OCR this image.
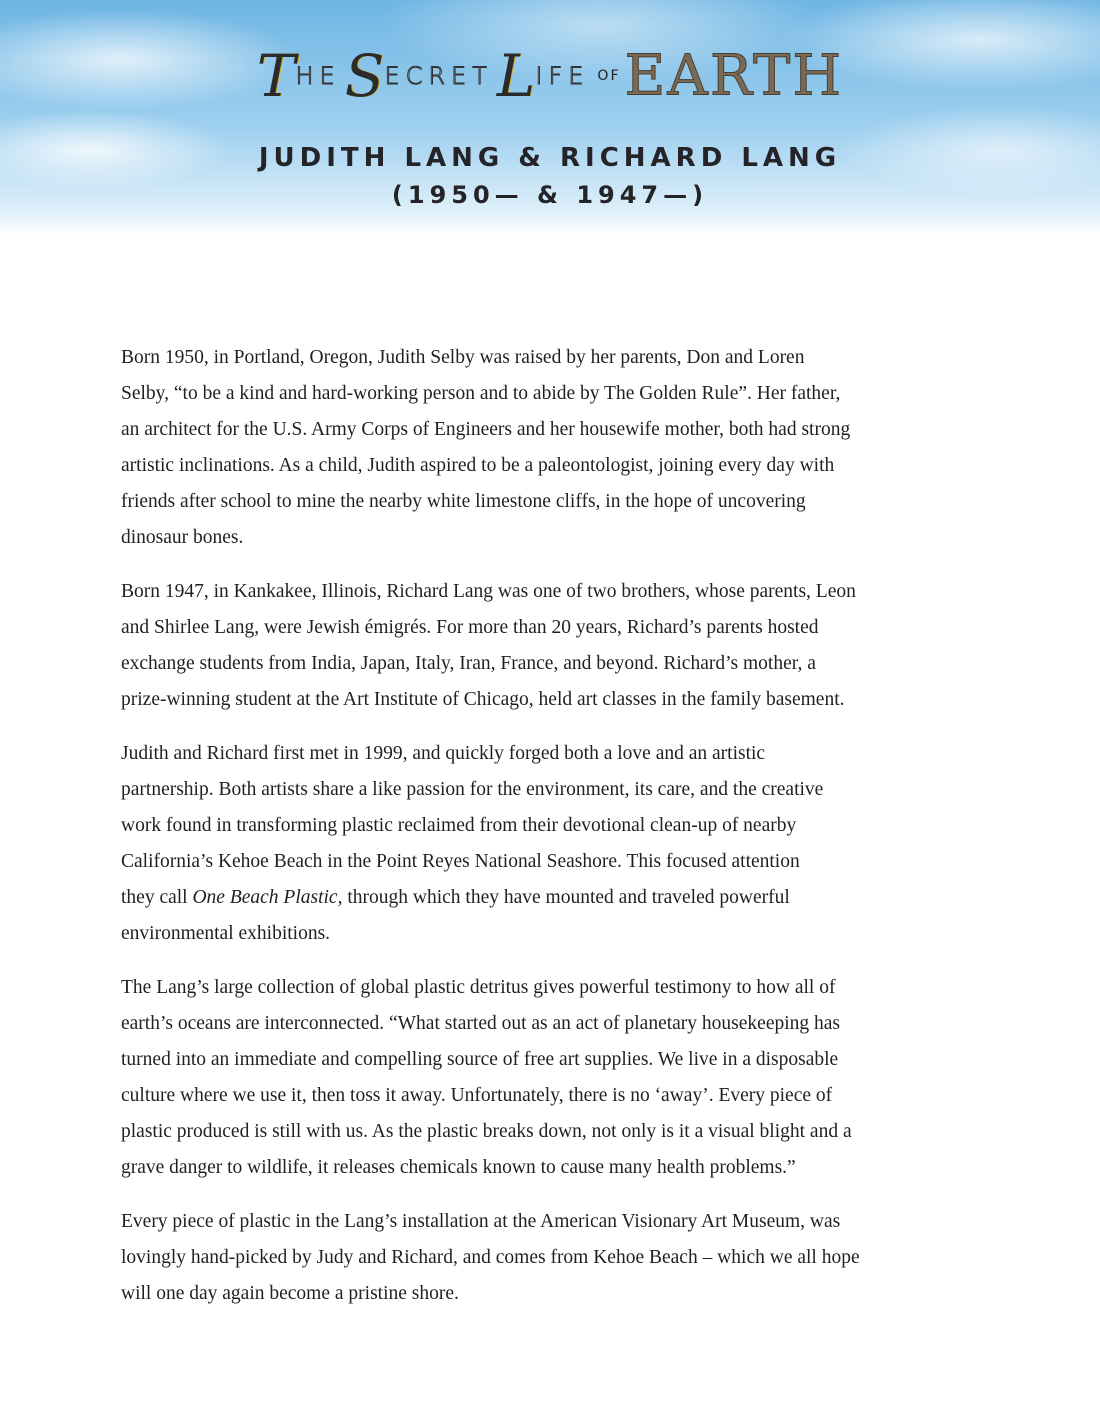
THE SECRET LIFE OFEARTH
JUDITH LANG & RICHARD LANG
(1950— & 1947—)

Born 1950, in Portland, Oregon, Judith Selby was raised by her parents, Don and Loren
Selby, “to be a kind and hard-working person and to abide by The Golden Rule”. Her father,
an architect for the U.S. Army Corps of Engineers and her housewife mother, both had strong
artistic inclinations. As a child, Judith aspired to be a paleontologist, joining every day with
friends after school to mine the nearby white limestone cliffs, in the hope of uncovering
dinosaur bones.

Born 1947, in Kankakee, Illinois, Richard Lang was one of two brothers, whose parents, Leon
and Shirlee Lang, were Jewish émigrés. For more than 20 years, Richard’s parents hosted
exchange students from India, Japan, Italy, Iran, France, and beyond. Richard’s mother, a
prize-winning student at the Art Institute of Chicago, held art classes in the family basement.

Judith and Richard first met in 1999, and quickly forged both a love and an artistic
partnership. Both artists share a like passion for the environment, its care, and the creative
work found in transforming plastic reclaimed from their devotional clean-up of nearby
California’s Kehoe Beach in the Point Reyes National Seashore. This focused attention
they call One Beach Plastic, through which they have mounted and traveled powerful
environmental exhibitions.

The Lang’s large collection of global plastic detritus gives powerful testimony to how all of
earth’s oceans are interconnected. “What started out as an act of planetary housekeeping has
turned into an immediate and compelling source of free art supplies. We live in a disposable
culture where we use it, then toss it away. Unfortunately, there is no ‘away’. Every piece of
plastic produced is still with us. As the plastic breaks down, not only is it a visual blight and a
grave danger to wildlife, it releases chemicals known to cause many health problems.”

Every piece of plastic in the Lang’s installation at the American Visionary Art Museum, was
lovingly hand-picked by Judy and Richard, and comes from Kehoe Beach – which we all hope
will one day again become a pristine shore.
